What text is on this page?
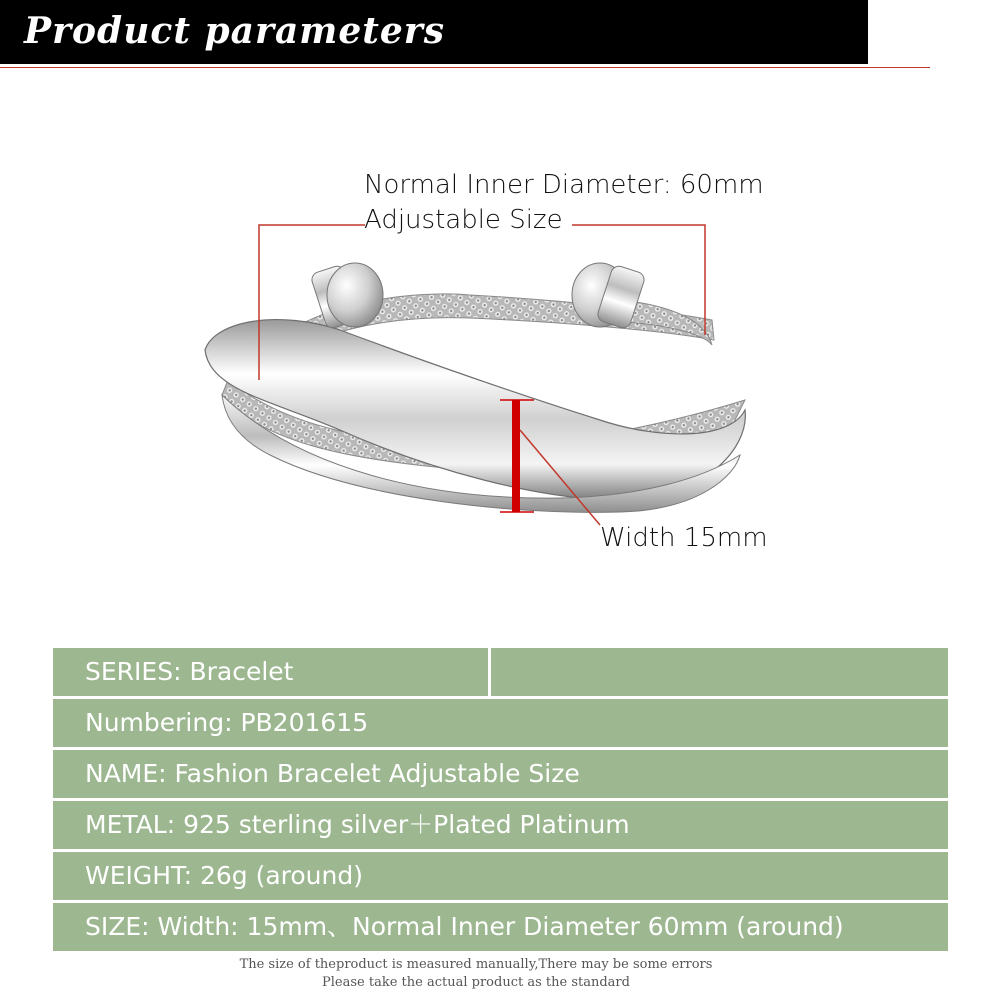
Product parameters
Normal Inner Diameter: 60mm
Adjustable Size
Width 15mm
SERIES: Bracelet
Numbering: PB201615
NAME: Fashion Bracelet Adjustable Size
METAL: 925 sterling silver＋Plated Platinum
WEIGHT: 26g (around)
SIZE: Width: 15mm、Normal Inner Diameter 60mm (around)
The size of theproduct is measured manually,There may be some errors
Please take the actual product as the standard
